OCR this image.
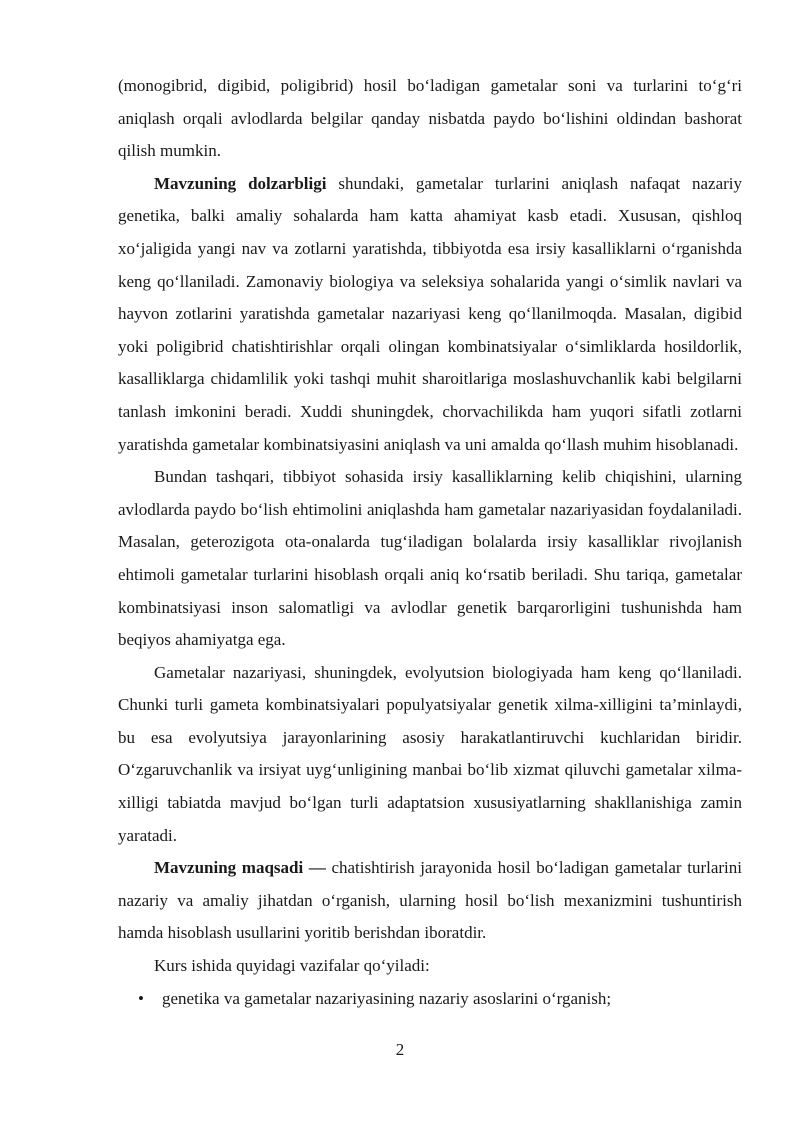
(monogibrid, digibid, poligibrid) hosil bo‘ladigan gametalar soni va turlarini to‘g‘ri aniqlash orqali avlodlarda belgilar qanday nisbatda paydo bo‘lishini oldindan bashorat qilish mumkin.

Mavzuning dolzarbligi shundaki, gametalar turlarini aniqlash nafaqat nazariy genetika, balki amaliy sohalarda ham katta ahamiyat kasb etadi. Xususan, qishloq xo‘jaligida yangi nav va zotlarni yaratishda, tibbiyotda esa irsiy kasalliklarni o‘rganishda keng qo‘llaniladi. Zamonaviy biologiya va seleksiya sohalarida yangi o‘simlik navlari va hayvon zotlarini yaratishda gametalar nazariyasi keng qo‘llanilmoqda. Masalan, digibid yoki poligibrid chatishtirishlar orqali olingan kombinatsiyalar o‘simliklarda hosildorlik, kasalliklarga chidamlilik yoki tashqi muhit sharoitlariga moslashuvchanlik kabi belgilarni tanlash imkonini beradi. Xuddi shuningdek, chorvachilikda ham yuqori sifatli zotlarni yaratishda gametalar kombinatsiyasini aniqlash va uni amalda qo‘llash muhim hisoblanadi.

Bundan tashqari, tibbiyot sohasida irsiy kasalliklarning kelib chiqishini, ularning avlodlarda paydo bo‘lish ehtimolini aniqlashda ham gametalar nazariyasidan foydalaniladi. Masalan, geterozigota ota-onalarda tug‘iladigan bolalarda irsiy kasalliklar rivojlanish ehtimoli gametalar turlarini hisoblash orqali aniq ko‘rsatib beriladi. Shu tariqa, gametalar kombinatsiyasi inson salomatligi va avlodlar genetik barqarorligini tushunishda ham beqiyos ahamiyatga ega.

Gametalar nazariyasi, shuningdek, evolyutsion biologiyada ham keng qo‘llaniladi. Chunki turli gameta kombinatsiyalari populyatsiyalar genetik xilma-xilligini ta’minlaydi, bu esa evolyutsiya jarayonlarining asosiy harakatlantiruvchi kuchlaridan biridir. O‘zgaruvchanlik va irsiyat uyg‘unligining manbai bo‘lib xizmat qiluvchi gametalar xilma-xilligi tabiatda mavjud bo‘lgan turli adaptatsion xususiyatlarning shakllanishiga zamin yaratadi.

Mavzuning maqsadi — chatishtirish jarayonida hosil bo‘ladigan gametalar turlarini nazariy va amaliy jihatdan o‘rganish, ularning hosil bo‘lish mexanizmini tushuntirish hamda hisoblash usullarini yoritib berishdan iboratdir.

Kurs ishida quyidagi vazifalar qo‘yiladi:

• genetika va gametalar nazariyasining nazariy asoslarini o‘rganish;
2
